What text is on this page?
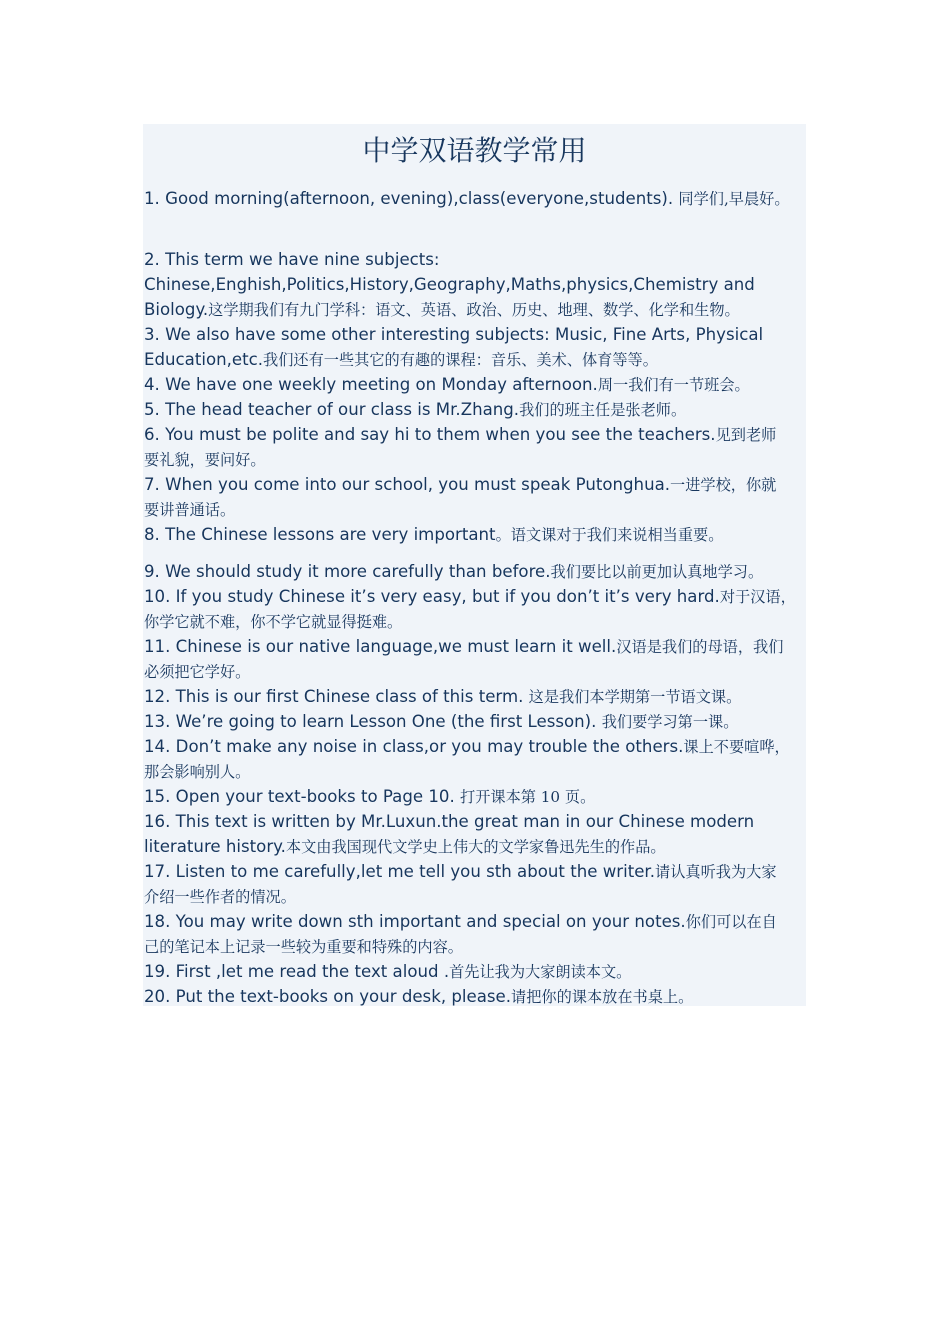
中学双语教学常用
1. Good morning(afternoon, evening),class(everyone,students). 同学们,早晨好。
2. This term we have nine subjects:
Chinese,Enghish,Politics,History,Geography,Maths,physics,Chemistry and
Biology.这学期我们有九门学科：语文、英语、政治、历史、地理、数学、化学和生物。
3. We also have some other interesting subjects: Music, Fine Arts, Physical
Education,etc.我们还有一些其它的有趣的课程：音乐、美术、体育等等。
4. We have one weekly meeting on Monday afternoon.周一我们有一节班会。
5. The head teacher of our class is Mr.Zhang.我们的班主任是张老师。
6. You must be polite and say hi to them when you see the teachers.见到老师
要礼貌，要问好。
7. When you come into our school, you must speak Putonghua.一进学校，你就
要讲普通话。
8. The Chinese lessons are very important。语文课对于我们来说相当重要。
9. We should study it more carefully than before.我们要比以前更加认真地学习。
10. If you study Chinese it’s very easy, but if you don’t it’s very hard.对于汉语，
你学它就不难，你不学它就显得挺难。
11. Chinese is our native language,we must learn it well.汉语是我们的母语，我们
必须把它学好。
12. This is our first Chinese class of this term. 这是我们本学期第一节语文课。
13. We’re going to learn Lesson One (the first Lesson). 我们要学习第一课。
14. Don’t make any noise in class,or you may trouble the others.课上不要喧哗，
那会影响别人。
15. Open your text-books to Page 10. 打开课本第 10 页。
16. This text is written by Mr.Luxun.the great man in our Chinese modern
literature history.本文由我国现代文学史上伟大的文学家鲁迅先生的作品。
17. Listen to me carefully,let me tell you sth about the writer.请认真听我为大家
介绍一些作者的情况。
18. You may write down sth important and special on your notes.你们可以在自
己的笔记本上记录一些较为重要和特殊的内容。
19. First ,let me read the text aloud .首先让我为大家朗读本文。
20. Put the text-books on your desk, please.请把你的课本放在书桌上。
